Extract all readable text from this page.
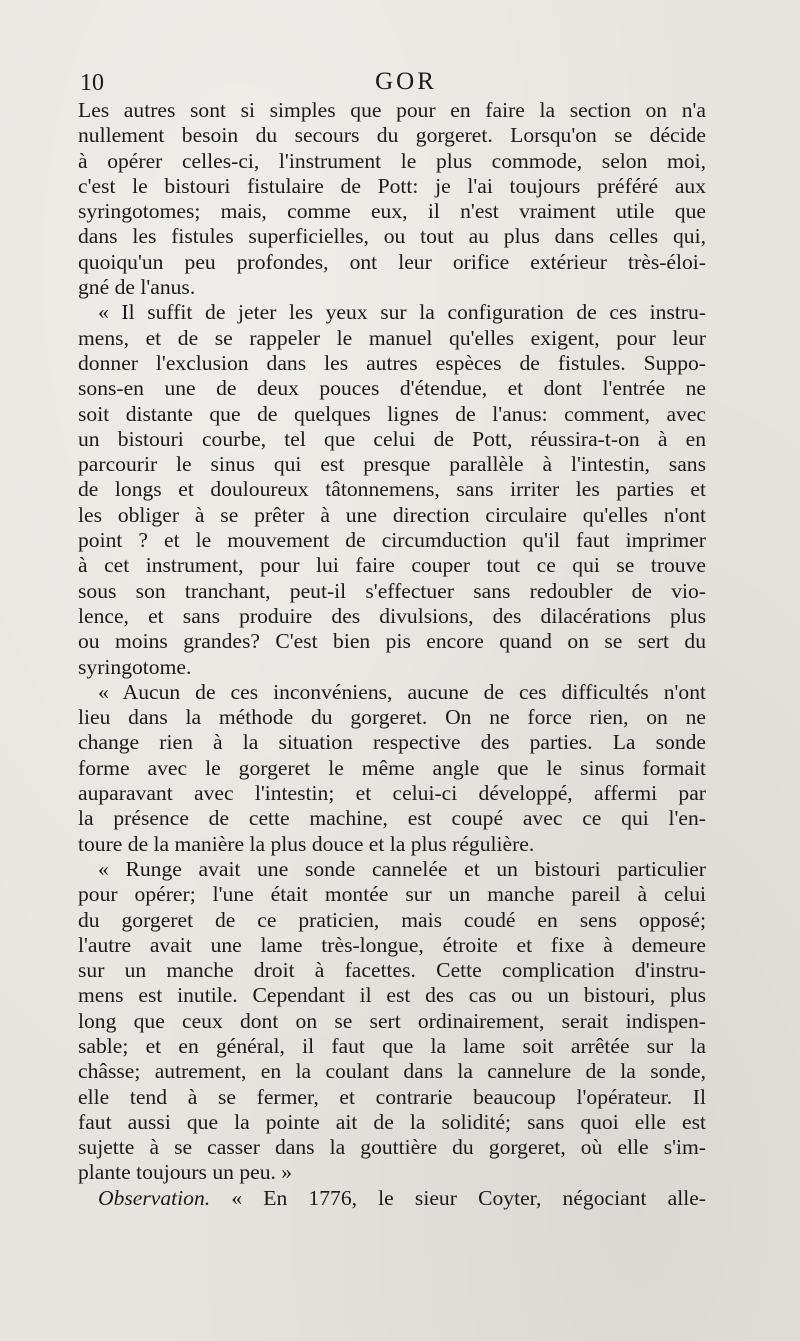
10	GOR
Les autres sont si simples que pour en faire la section on n'a
nullement besoin du secours du gorgeret. Lorsqu'on se décide
à opérer celles-ci, l'instrument le plus commode, selon moi,
c'est le bistouri fistulaire de Pott: je l'ai toujours préféré aux
syringotomes; mais, comme eux, il n'est vraiment utile que
dans les fistules superficielles, ou tout au plus dans celles qui,
quoiqu'un peu profondes, ont leur orifice extérieur très-éloi-
gné de l'anus.
« Il suffit de jeter les yeux sur la configuration de ces instru-
mens, et de se rappeler le manuel qu'elles exigent, pour leur
donner l'exclusion dans les autres espèces de fistules. Suppo-
sons-en une de deux pouces d'étendue, et dont l'entrée ne
soit distante que de quelques lignes de l'anus: comment, avec
un bistouri courbe, tel que celui de Pott, réussira-t-on à en
parcourir le sinus qui est presque parallèle à l'intestin, sans
de longs et douloureux tâtonnemens, sans irriter les parties et
les obliger à se prêter à une direction circulaire qu'elles n'ont
point ? et le mouvement de circumduction qu'il faut imprimer
à cet instrument, pour lui faire couper tout ce qui se trouve
sous son tranchant, peut-il s'effectuer sans redoubler de vio-
lence, et sans produire des divulsions, des dilacérations plus
ou moins grandes? C'est bien pis encore quand on se sert du
syringotome.
« Aucun de ces inconvéniens, aucune de ces difficultés n'ont
lieu dans la méthode du gorgeret. On ne force rien, on ne
change rien à la situation respective des parties. La sonde
forme avec le gorgeret le même angle que le sinus formait
auparavant avec l'intestin; et celui-ci développé, affermi par
la présence de cette machine, est coupé avec ce qui l'en-
toure de la manière la plus douce et la plus régulière.
« Runge avait une sonde cannelée et un bistouri particulier
pour opérer; l'une était montée sur un manche pareil à celui
du gorgeret de ce praticien, mais coudé en sens opposé;
l'autre avait une lame très-longue, étroite et fixe à demeure
sur un manche droit à facettes. Cette complication d'instru-
mens est inutile. Cependant il est des cas ou un bistouri, plus
long que ceux dont on se sert ordinairement, serait indispen-
sable; et en général, il faut que la lame soit arrêtée sur la
châsse; autrement, en la coulant dans la cannelure de la sonde,
elle tend à se fermer, et contrarie beaucoup l'opérateur. Il
faut aussi que la pointe ait de la solidité; sans quoi elle est
sujette à se casser dans la gouttière du gorgeret, où elle s'im-
plante toujours un peu. »
Observation. « En 1776, le sieur Coyter, négociant alle-
